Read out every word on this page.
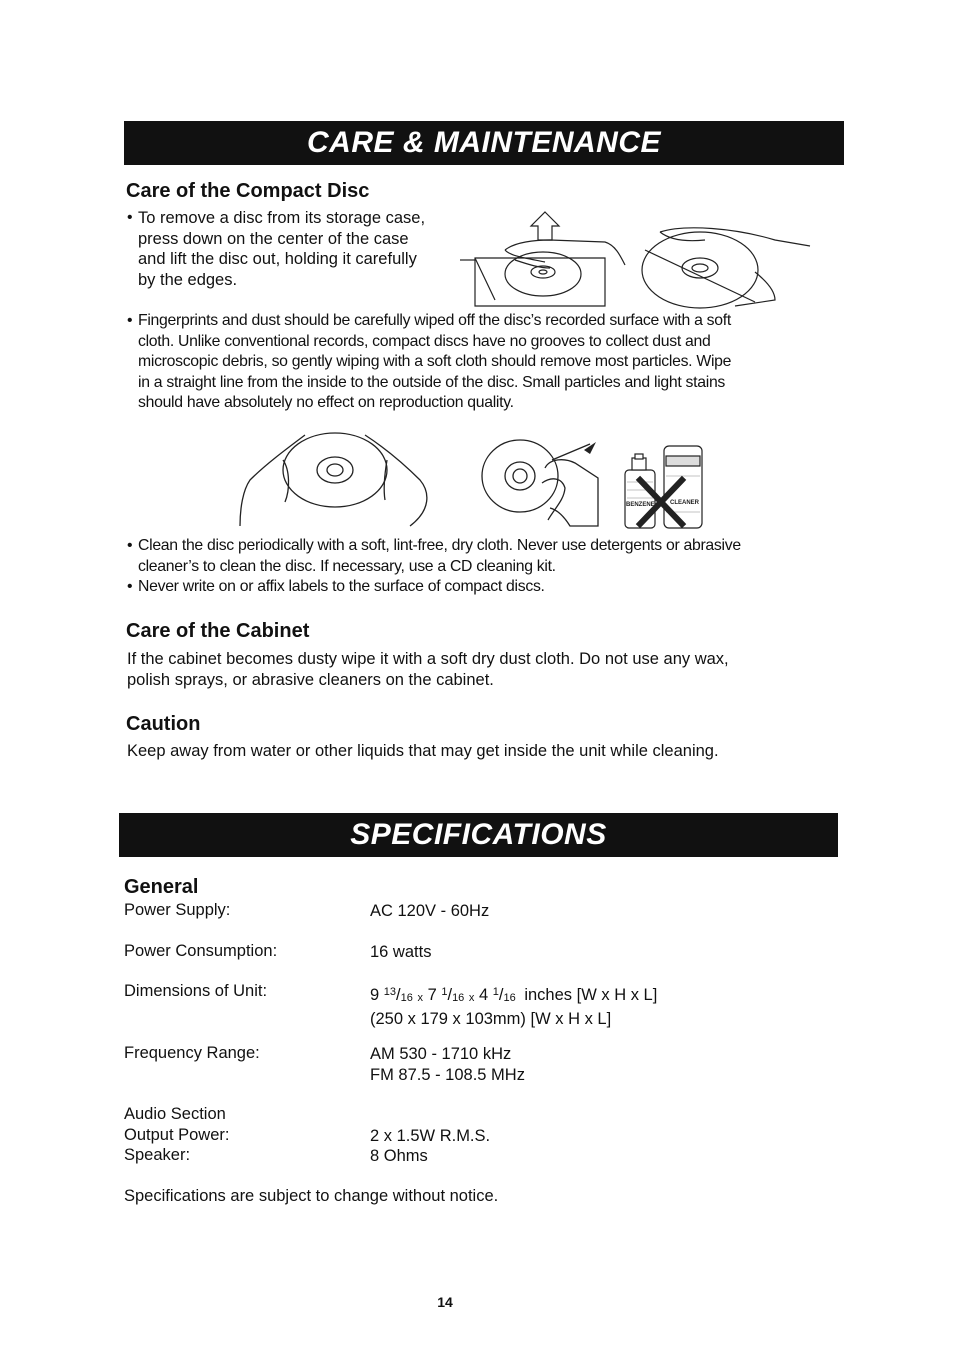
CARE & MAINTENANCE
Care of the Compact Disc
• To remove a disc from its storage case,
press down on the center of the case
and lift the disc out, holding it carefully
by the edges.
• Fingerprints and dust should be carefully wiped off the disc’s recorded surface with a soft
cloth. Unlike conventional records, compact discs have no grooves to collect dust and
microscopic debris, so gently wiping with a soft cloth should remove most particles. Wipe
in a straight line from the inside to the outside of the disc. Small particles and light stains
should have absolutely no effect on reproduction quality.
BENZENE	CLEANER
• Clean the disc periodically with a soft, lint-free, dry cloth. Never use detergents or abrasive
cleaner’s to clean the disc. If necessary, use a CD cleaning kit.
• Never write on or affix labels to the surface of compact discs.
Care of the Cabinet
If the cabinet becomes dusty wipe it with a soft dry dust cloth. Do not use any wax,
polish sprays, or abrasive cleaners on the cabinet.
Caution
Keep away from water or other liquids that may get inside the unit while cleaning.
SPECIFICATIONS
General
Power Supply:	AC 120V - 60Hz
Power Consumption:	16 watts
Dimensions of Unit:	9 $^{13}/_{16}$ $_x$ 7 $^1/_{16}$ $_x$ 4 $^1/_{16}$ inches [W x H x L]
(250 x 179 x 103mm) [W x H x L]
Frequency Range:	AM 530 - 1710 kHz
FM 87.5 - 108.5 MHz
Audio Section
Output Power:	2 x 1.5W R.M.S.
Speaker:	8 Ohms
Specifications are subject to change without notice.
14
